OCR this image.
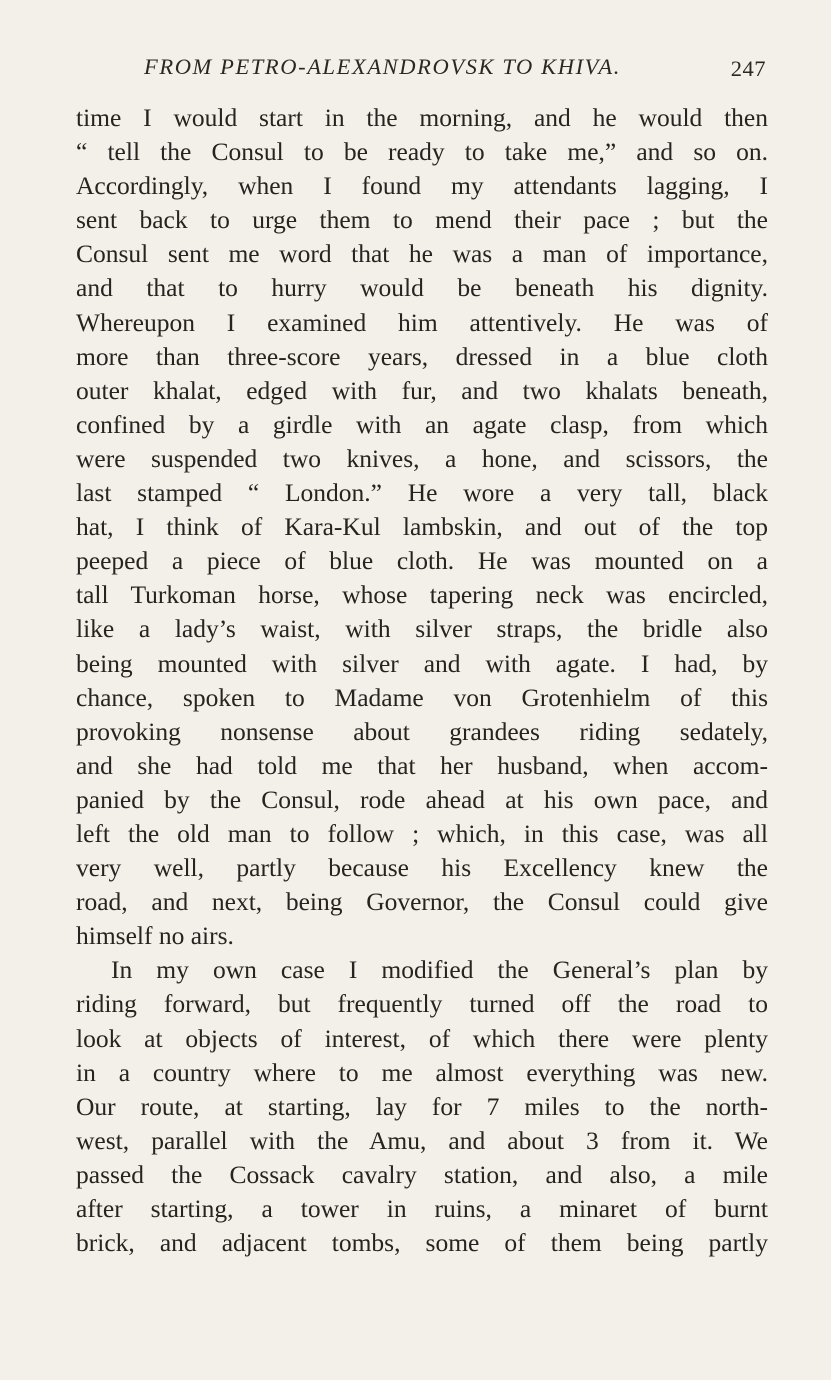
FROM PETRO-ALEXANDROVSK TO KHIVA.	247
time I would start in the morning, and he would then
“ tell the Consul to be ready to take me,” and so on.
Accordingly, when I found my attendants lagging, I
sent back to urge them to mend their pace ; but the
Consul sent me word that he was a man of importance,
and that to hurry would be beneath his dignity.
Whereupon I examined him attentively. He was of
more than three-score years, dressed in a blue cloth
outer khalat, edged with fur, and two khalats beneath,
confined by a girdle with an agate clasp, from which
were suspended two knives, a hone, and scissors, the
last stamped “ London.” He wore a very tall, black
hat, I think of Kara-Kul lambskin, and out of the top
peeped a piece of blue cloth. He was mounted on a
tall Turkoman horse, whose tapering neck was encircled,
like a lady’s waist, with silver straps, the bridle also
being mounted with silver and with agate. I had, by
chance, spoken to Madame von Grotenhielm of this
provoking nonsense about grandees riding sedately,
and she had told me that her husband, when accom-
panied by the Consul, rode ahead at his own pace, and
left the old man to follow ; which, in this case, was all
very well, partly because his Excellency knew the
road, and next, being Governor, the Consul could give
himself no airs.
In my own case I modified the General’s plan by
riding forward, but frequently turned off the road to
look at objects of interest, of which there were plenty
in a country where to me almost everything was new.
Our route, at starting, lay for 7 miles to the north-
west, parallel with the Amu, and about 3 from it. We
passed the Cossack cavalry station, and also, a mile
after starting, a tower in ruins, a minaret of burnt
brick, and adjacent tombs, some of them being partly
